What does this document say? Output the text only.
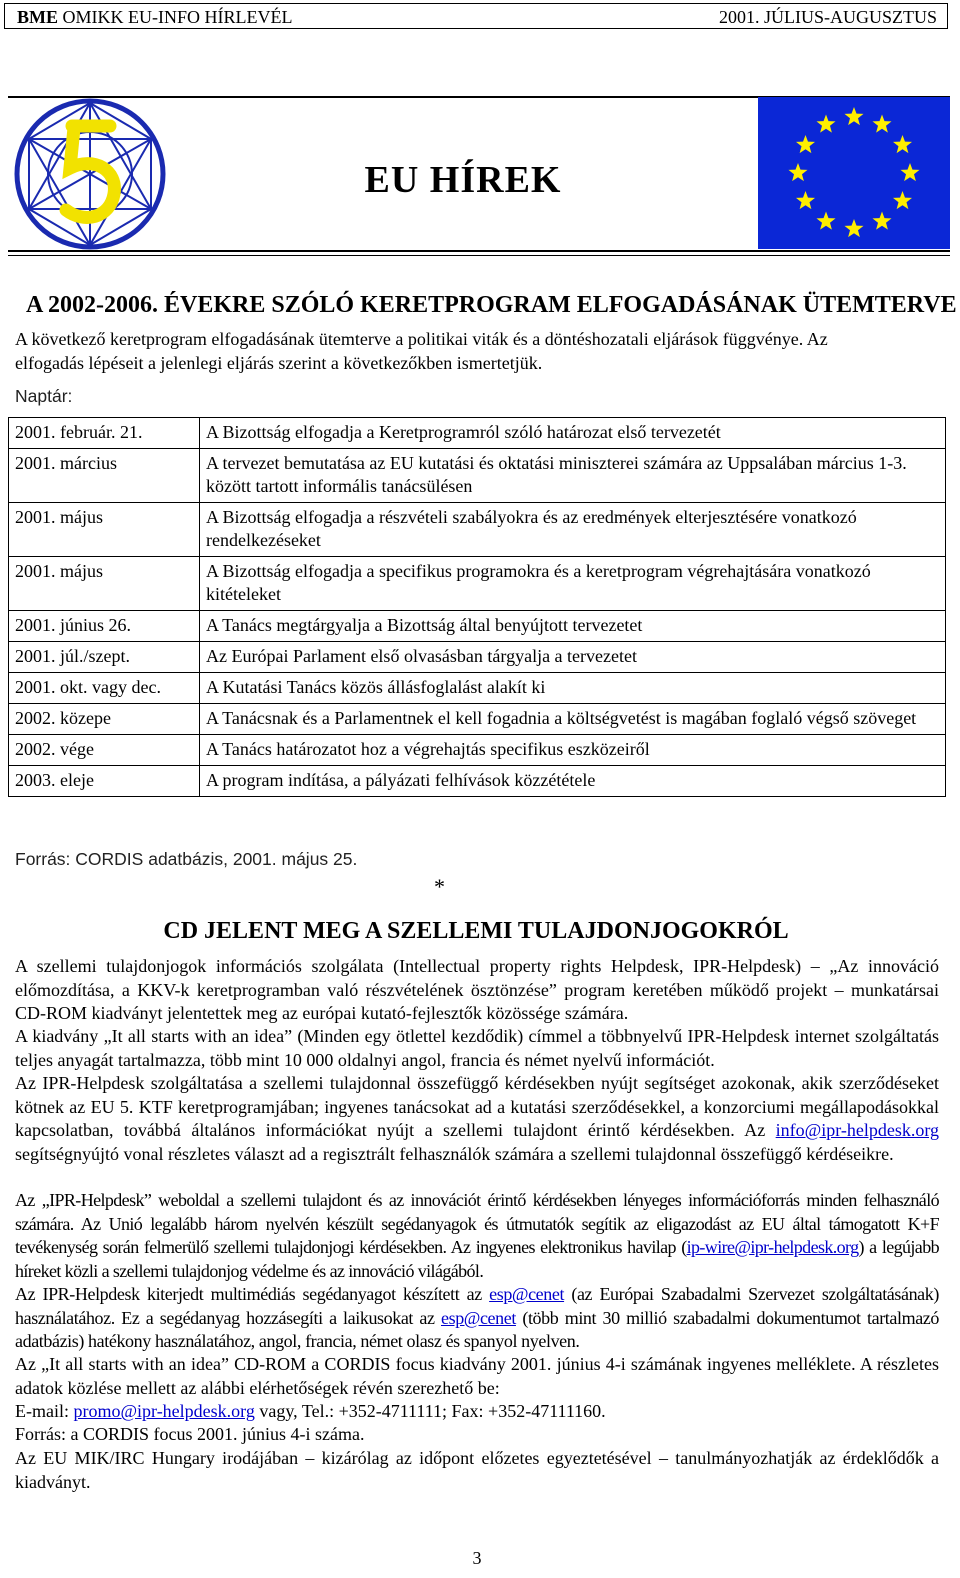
BME OMIKK EU-INFO HÍRLEVÉL	2001. JÚLIUS-AUGUSZTUS
EU HÍREK
A 2002-2006. ÉVEKRE SZÓLÓ KERETPROGRAM ELFOGADÁSÁNAK ÜTEMTERVE
A következő keretprogram elfogadásának ütemterve a politikai viták és a döntéshozatali eljárások függvénye. Az
elfogadás lépéseit a jelenlegi eljárás szerint a következőkben ismertetjük.
Naptár:
2001. február. 21.	A Bizottság elfogadja a Keretprogramról szóló határozat első tervezetét
2001. március	A tervezet bemutatása az EU kutatási és oktatási miniszterei számára az Uppsalában március 1-3. között tartott informális tanácsülésen
2001. május	A Bizottság elfogadja a részvételi szabályokra és az eredmények elterjesztésére vonatkozó rendelkezéseket
2001. május	A Bizottság elfogadja a specifikus programokra és a keretprogram végrehajtására vonatkozó kitételeket
2001. június 26.	A Tanács megtárgyalja a Bizottság által benyújtott tervezetet
2001. júl./szept.	Az Európai Parlament első olvasásban tárgyalja a tervezetet
2001. okt. vagy dec.	A Kutatási Tanács közös állásfoglalást alakít ki
2002. közepe	A Tanácsnak és a Parlamentnek el kell fogadnia a költségvetést is magában foglaló végső szöveget
2002. vége	A Tanács határozatot hoz a végrehajtás specifikus eszközeiről
2003. eleje	A program indítása, a pályázati felhívások közzététele
Forrás: CORDIS adatbázis, 2001. május 25.
*
CD JELENT MEG A SZELLEMI TULAJDONJOGOKRÓL
A szellemi tulajdonjogok információs szolgálata (Intellectual property rights Helpdesk, IPR-Helpdesk) – „Az innováció előmozdítása, a KKV-k keretprogramban való részvételének ösztönzése” program keretében működő projekt – munkatársai CD-ROM kiadványt jelentettek meg az európai kutató-fejlesztők közössége számára.
A kiadvány „It all starts with an idea” (Minden egy ötlettel kezdődik) címmel a többnyelvű IPR-Helpdesk internet szolgáltatás teljes anyagát tartalmazza, több mint 10 000 oldalnyi angol, francia és német nyelvű információt.
Az IPR-Helpdesk szolgáltatása a szellemi tulajdonnal összefüggő kérdésekben nyújt segítséget azokonak, akik szerződéseket kötnek az EU 5. KTF keretprogramjában; ingyenes tanácsokat ad a kutatási szerződésekkel, a konzorciumi megállapodásokkal kapcsolatban, továbbá általános információkat nyújt a szellemi tulajdont érintő kérdésekben. Az info@ipr-helpdesk.org segítségnyújtó vonal részletes választ ad a regisztrált felhasználók számára a szellemi tulajdonnal összefüggő kérdéseikre.
Az „IPR-Helpdesk” weboldal a szellemi tulajdont és az innovációt érintő kérdésekben lényeges információforrás minden felhasználó számára. Az Unió legalább három nyelvén készült segédanyagok és útmutatók segítik az eligazodást az EU által támogatott K+F tevékenység során felmerülő szellemi tulajdonjogi kérdésekben. Az ingyenes elektronikus havilap (ip-wire@ipr-helpdesk.org) a legújabb híreket közli a szellemi tulajdonjog védelme és az innováció világából.
Az IPR-Helpdesk kiterjedt multimédiás segédanyagot készített az esp@cenet (az Európai Szabadalmi Szervezet szolgáltatásának) használatához. Ez a segédanyag hozzásegíti a laikusokat az esp@cenet (több mint 30 millió szabadalmi dokumentumot tartalmazó adatbázis) hatékony használatához, angol, francia, német olasz és spanyol nyelven.
Az „It all starts with an idea” CD-ROM a CORDIS focus kiadvány 2001. június 4-i számának ingyenes melléklete. A részletes adatok közlése mellett az alábbi elérhetőségek révén szerezhető be:
E-mail: promo@ipr-helpdesk.org vagy, Tel.: +352-4711111; Fax: +352-47111160.
Forrás: a CORDIS focus 2001. június 4-i száma.
Az EU MIK/IRC Hungary irodájában – kizárólag az időpont előzetes egyeztetésével – tanulmányozhatják az érdeklődők a kiadványt.
3
